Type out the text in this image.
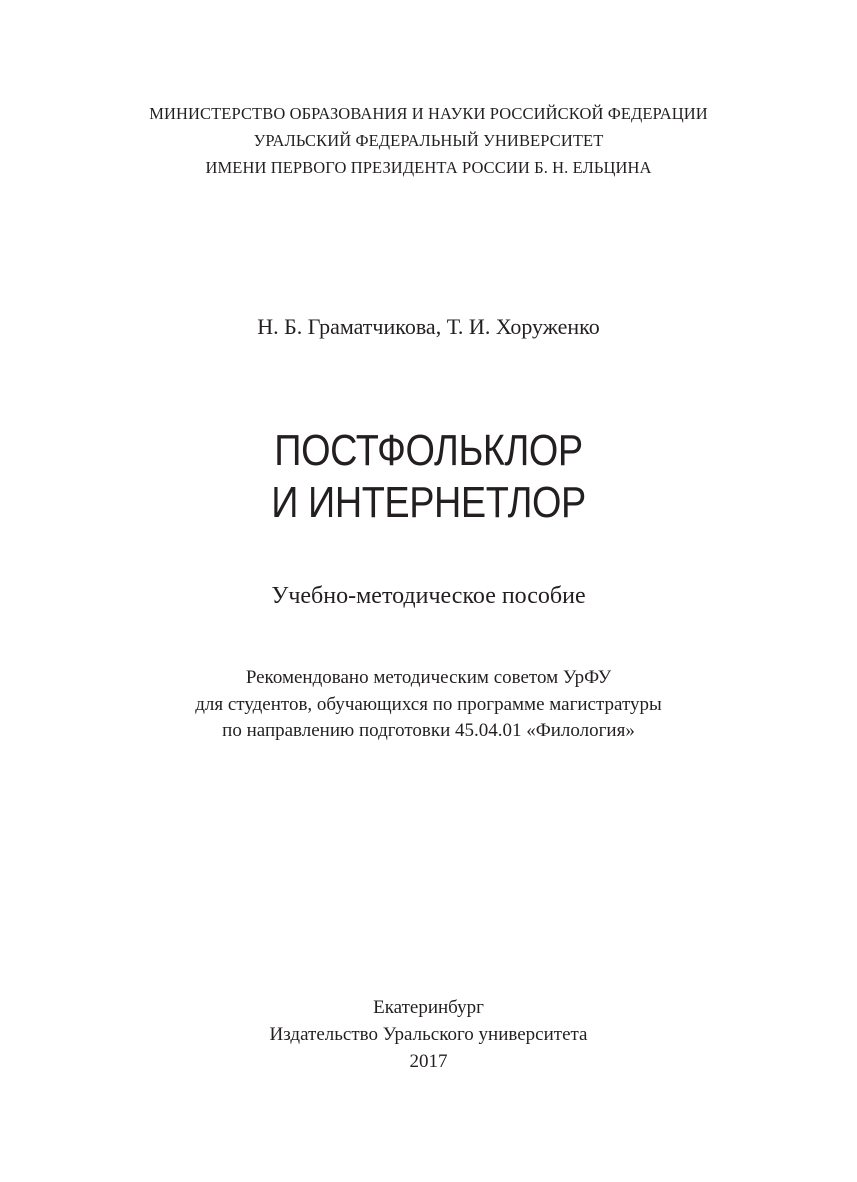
МИНИСТЕРСТВО ОБРАЗОВАНИЯ И НАУКИ РОССИЙСКОЙ ФЕДЕРАЦИИ
УРАЛЬСКИЙ ФЕДЕРАЛЬНЫЙ УНИВЕРСИТЕТ
ИМЕНИ ПЕРВОГО ПРЕЗИДЕНТА РОССИИ Б. Н. ЕЛЬЦИНА
Н. Б. Граматчикова, Т. И. Хоруженко
ПОСТФОЛЬКЛОР
И ИНТЕРНЕТЛОР
Учебно-методическое пособие
Рекомендовано методическим советом УрФУ
для студентов, обучающихся по программе магистратуры
по направлению подготовки 45.04.01 «Филология»
Екатеринбург
Издательство Уральского университета
2017
